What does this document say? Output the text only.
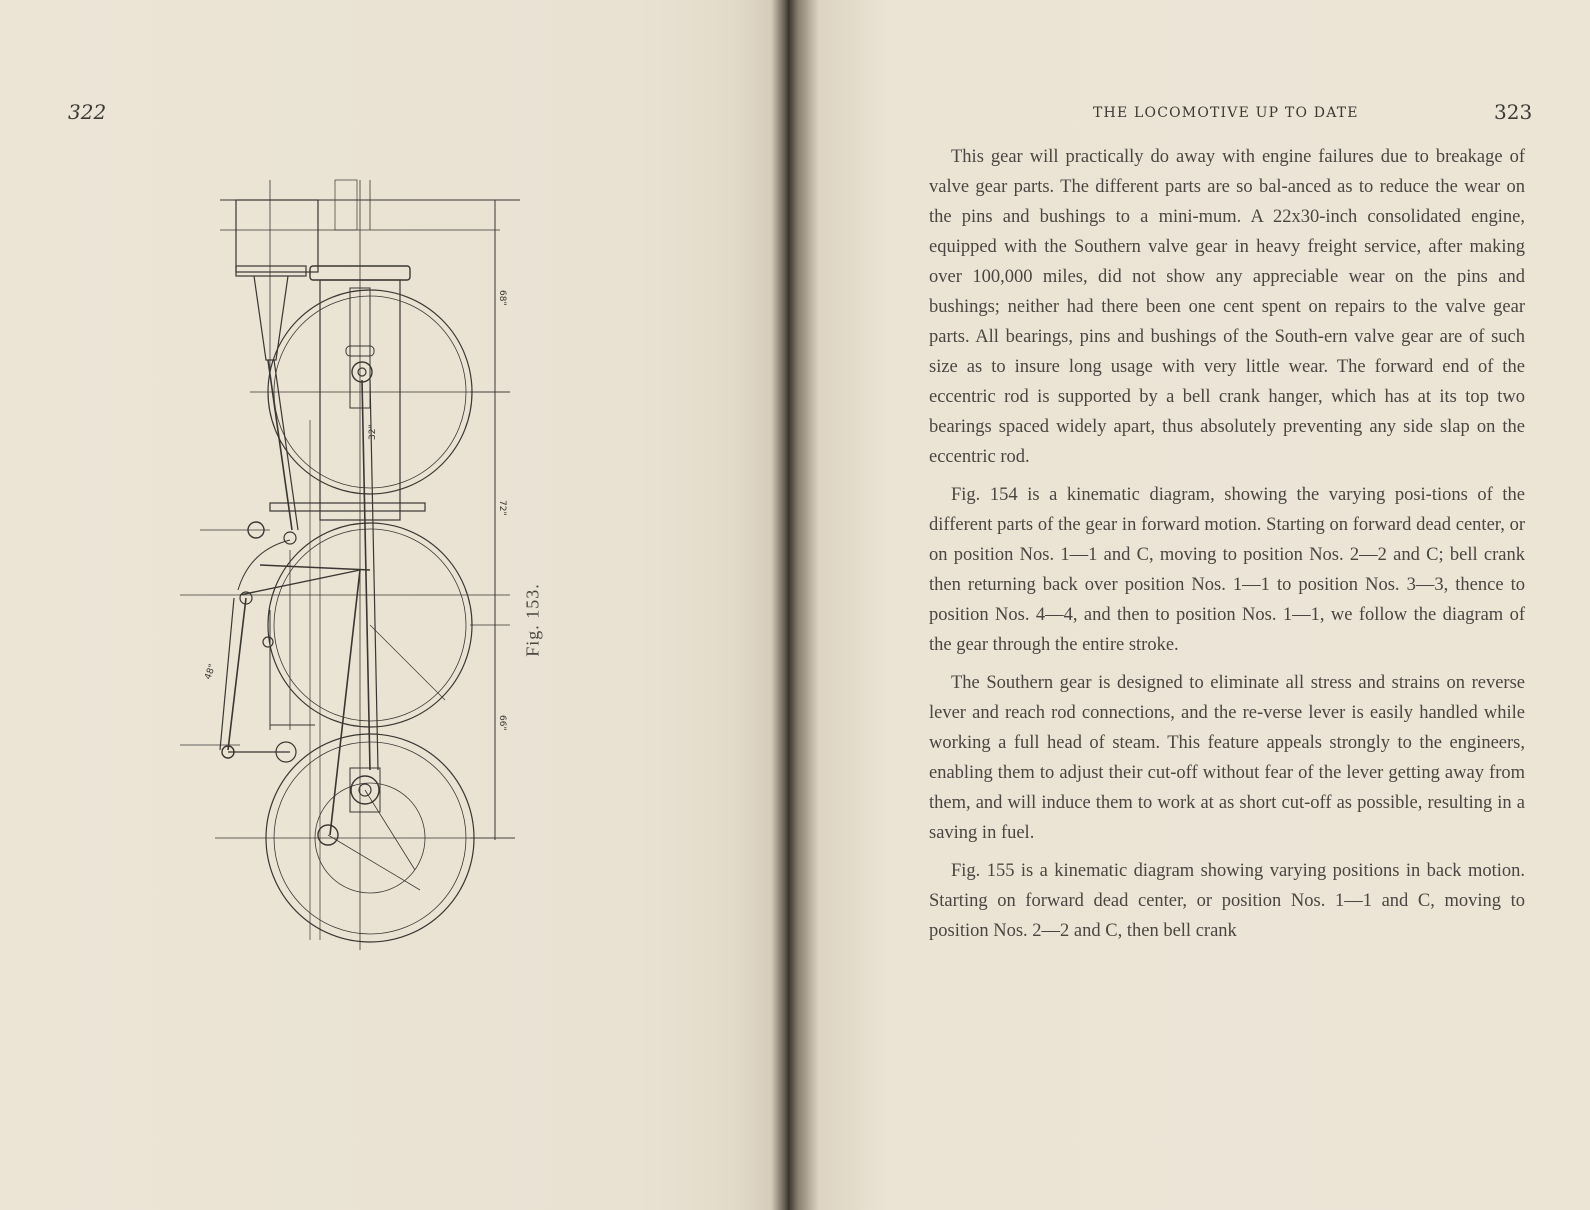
322
68"
72"
66"
48"
32"
Fig. 153.
THE LOCOMOTIVE UP TO DATE	323

This gear will practically do away with engine failures due to breakage of valve gear parts. The different parts are so bal-anced as to reduce the wear on the pins and bushings to a mini-mum. A 22x30-inch consolidated engine, equipped with the Southern valve gear in heavy freight service, after making over 100,000 miles, did not show any appreciable wear on the pins and bushings; neither had there been one cent spent on repairs to the valve gear parts. All bearings, pins and bushings of the South-ern valve gear are of such size as to insure long usage with very little wear. The forward end of the eccentric rod is supported by a bell crank hanger, which has at its top two bearings spaced widely apart, thus absolutely preventing any side slap on the eccentric rod.

Fig. 154 is a kinematic diagram, showing the varying posi-tions of the different parts of the gear in forward motion. Starting on forward dead center, or on position Nos. 1—1 and C, moving to position Nos. 2—2 and C; bell crank then returning back over position Nos. 1—1 to position Nos. 3—3, thence to position Nos. 4—4, and then to position Nos. 1—1, we follow the diagram of the gear through the entire stroke.

The Southern gear is designed to eliminate all stress and strains on reverse lever and reach rod connections, and the re-verse lever is easily handled while working a full head of steam. This feature appeals strongly to the engineers, enabling them to adjust their cut-off without fear of the lever getting away from them, and will induce them to work at as short cut-off as possible, resulting in a saving in fuel.

Fig. 155 is a kinematic diagram showing varying positions in back motion. Starting on forward dead center, or position Nos. 1—1 and C, moving to position Nos. 2—2 and C, then bell crank
